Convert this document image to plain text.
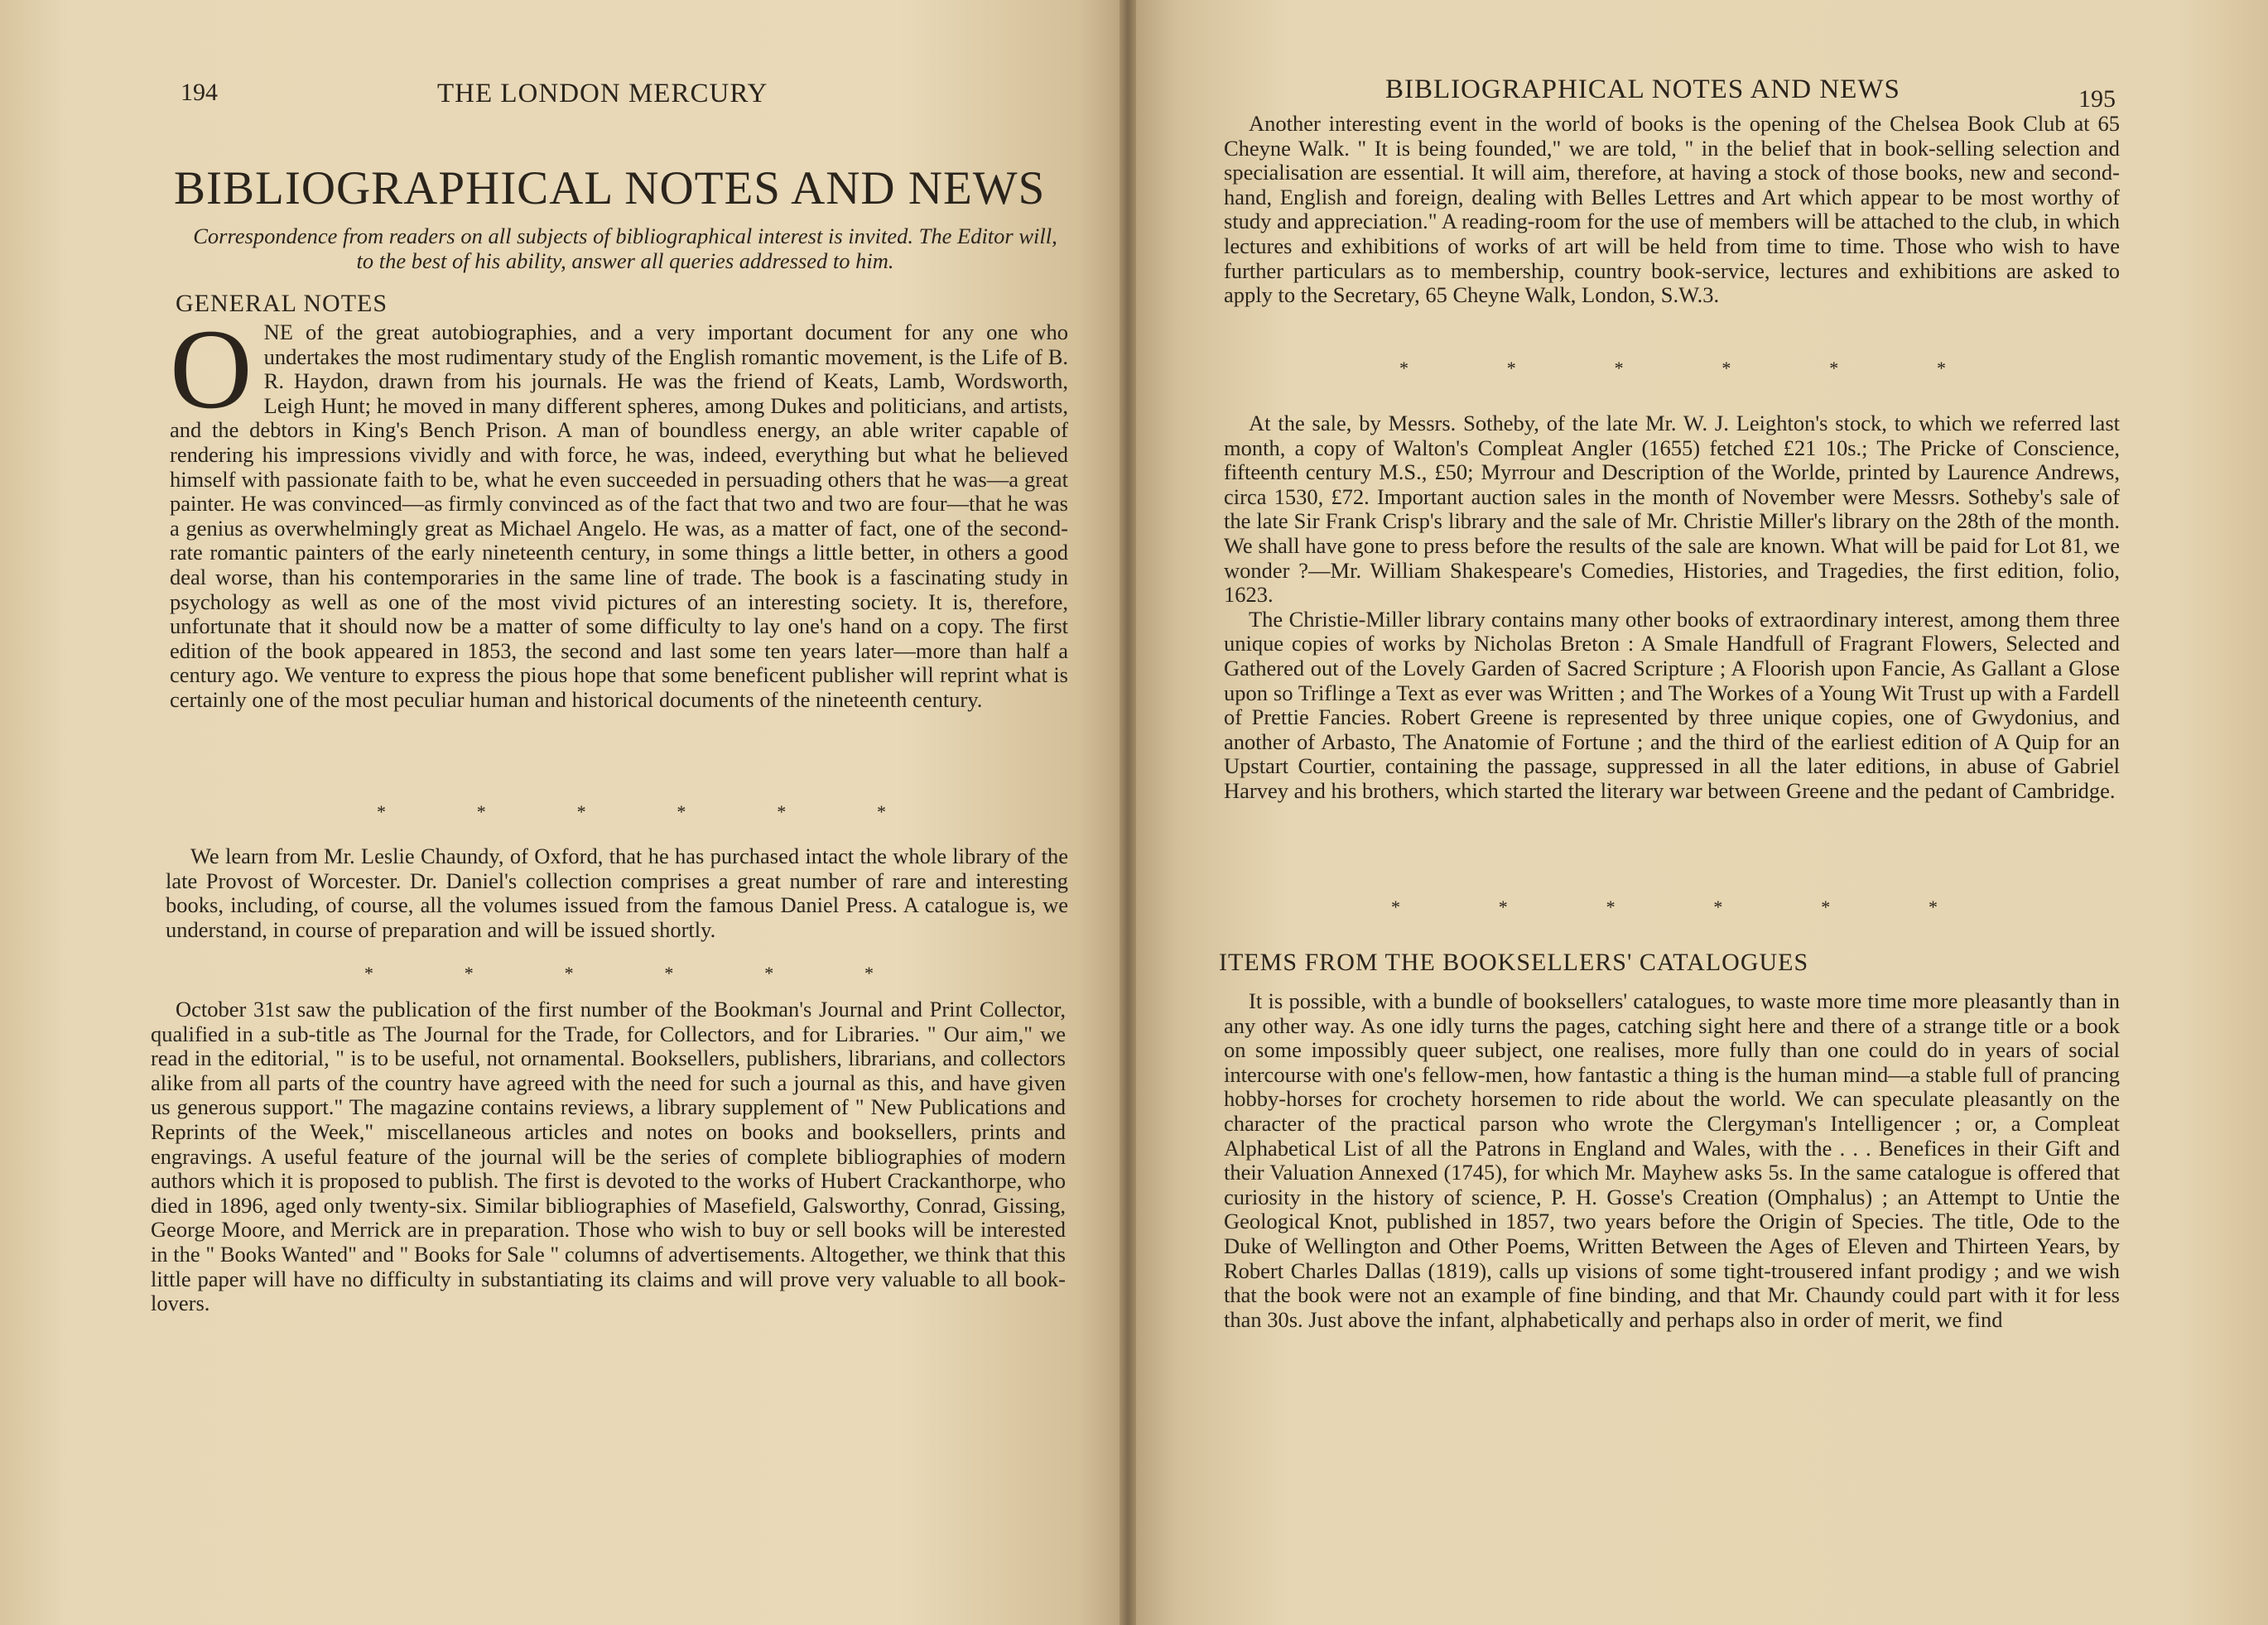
194	THE LONDON MERCURY
BIBLIOGRAPHICAL NOTES AND NEWS

Correspondence from readers on all subjects of bibliographical interest is invited. The Editor will, to the best of his ability, answer all queries addressed to him.

GENERAL NOTES

ONE of the great autobiographies, and a very important document for any one who undertakes the most rudimentary study of the English romantic movement, is the Life of B. R. Haydon, drawn from his journals. He was the friend of Keats, Lamb, Wordsworth, Leigh Hunt; he moved in many different spheres, among Dukes and politicians, and artists, and the debtors in King's Bench Prison. A man of boundless energy, an able writer capable of rendering his impressions vividly and with force, he was, indeed, everything but what he believed himself with passionate faith to be, what he even succeeded in persuading others that he was—a great painter. He was convinced—as firmly convinced as of the fact that two and two are four—that he was a genius as overwhelmingly great as Michael Angelo. He was, as a matter of fact, one of the second-rate romantic painters of the early nineteenth century, in some things a little better, in others a good deal worse, than his contemporaries in the same line of trade. The book is a fascinating study in psychology as well as one of the most vivid pictures of an interesting society. It is, therefore, unfortunate that it should now be a matter of some difficulty to lay one's hand on a copy. The first edition of the book appeared in 1853, the second and last some ten years later—more than half a century ago. We venture to express the pious hope that some beneficent publisher will reprint what is certainly one of the most peculiar human and historical documents of the nineteenth century.

*	*	*	*	*	*

We learn from Mr. Leslie Chaundy, of Oxford, that he has purchased intact the whole library of the late Provost of Worcester. Dr. Daniel's collection comprises a great number of rare and interesting books, including, of course, all the volumes issued from the famous Daniel Press. A catalogue is, we understand, in course of preparation and will be issued shortly.

*	*	*	*	*	*

October 31st saw the publication of the first number of the Bookman's Journal and Print Collector, qualified in a sub-title as The Journal for the Trade, for Collectors, and for Libraries. " Our aim," we read in the editorial, " is to be useful, not ornamental. Booksellers, publishers, librarians, and collectors alike from all parts of the country have agreed with the need for such a journal as this, and have given us generous support." The magazine contains reviews, a library supplement of " New Publications and Reprints of the Week," miscellaneous articles and notes on books and booksellers, prints and engravings. A useful feature of the journal will be the series of complete bibliographies of modern authors which it is proposed to publish. The first is devoted to the works of Hubert Crackanthorpe, who died in 1896, aged only twenty-six. Similar bibliographies of Masefield, Galsworthy, Conrad, Gissing, George Moore, and Merrick are in preparation. Those who wish to buy or sell books will be interested in the " Books Wanted" and " Books for Sale " columns of advertisements. Altogether, we think that this little paper will have no difficulty in substantiating its claims and will prove very valuable to all book-lovers.

BIBLIOGRAPHICAL NOTES AND NEWS	195

Another interesting event in the world of books is the opening of the Chelsea Book Club at 65 Cheyne Walk. " It is being founded," we are told, " in the belief that in book-selling selection and specialisation are essential. It will aim, therefore, at having a stock of those books, new and second-hand, English and foreign, dealing with Belles Lettres and Art which appear to be most worthy of study and appreciation." A reading-room for the use of members will be attached to the club, in which lectures and exhibitions of works of art will be held from time to time. Those who wish to have further particulars as to membership, country book-service, lectures and exhibitions are asked to apply to the Secretary, 65 Cheyne Walk, London, S.W.3.

*	*	*	*	*	*

At the sale, by Messrs. Sotheby, of the late Mr. W. J. Leighton's stock, to which we referred last month, a copy of Walton's Compleat Angler (1655) fetched £21 10s.; The Pricke of Conscience, fifteenth century M.S., £50; Myrrour and Description of the Worlde, printed by Laurence Andrews, circa 1530, £72. Important auction sales in the month of November were Messrs. Sotheby's sale of the late Sir Frank Crisp's library and the sale of Mr. Christie Miller's library on the 28th of the month. We shall have gone to press before the results of the sale are known. What will be paid for Lot 81, we wonder ?—Mr. William Shakespeare's Comedies, Histories, and Tragedies, the first edition, folio, 1623.

The Christie-Miller library contains many other books of extraordinary interest, among them three unique copies of works by Nicholas Breton : A Smale Handfull of Fragrant Flowers, Selected and Gathered out of the Lovely Garden of Sacred Scripture ; A Floorish upon Fancie, As Gallant a Glose upon so Triflinge a Text as ever was Written ; and The Workes of a Young Wit Trust up with a Fardell of Prettie Fancies. Robert Greene is represented by three unique copies, one of Gwydonius, and another of Arbasto, The Anatomie of Fortune ; and the third of the earliest edition of A Quip for an Upstart Courtier, containing the passage, suppressed in all the later editions, in abuse of Gabriel Harvey and his brothers, which started the literary war between Greene and the pedant of Cambridge.

*	*	*	*	*	*
ITEMS FROM THE BOOKSELLERS' CATALOGUES

It is possible, with a bundle of booksellers' catalogues, to waste more time more pleasantly than in any other way. As one idly turns the pages, catching sight here and there of a strange title or a book on some impossibly queer subject, one realises, more fully than one could do in years of social intercourse with one's fellow-men, how fantastic a thing is the human mind—a stable full of prancing hobby-horses for crochety horsemen to ride about the world. We can speculate pleasantly on the character of the practical parson who wrote the Clergyman's Intelligencer ; or, a Compleat Alphabetical List of all the Patrons in England and Wales, with the . . . Benefices in their Gift and their Valuation Annexed (1745), for which Mr. Mayhew asks 5s. In the same catalogue is offered that curiosity in the history of science, P. H. Gosse's Creation (Omphalus) ; an Attempt to Untie the Geological Knot, published in 1857, two years before the Origin of Species. The title, Ode to the Duke of Wellington and Other Poems, Written Between the Ages of Eleven and Thirteen Years, by Robert Charles Dallas (1819), calls up visions of some tight-trousered infant prodigy ; and we wish that the book were not an example of fine binding, and that Mr. Chaundy could part with it for less than 30s. Just above the infant, alphabetically and perhaps also in order of merit, we find
